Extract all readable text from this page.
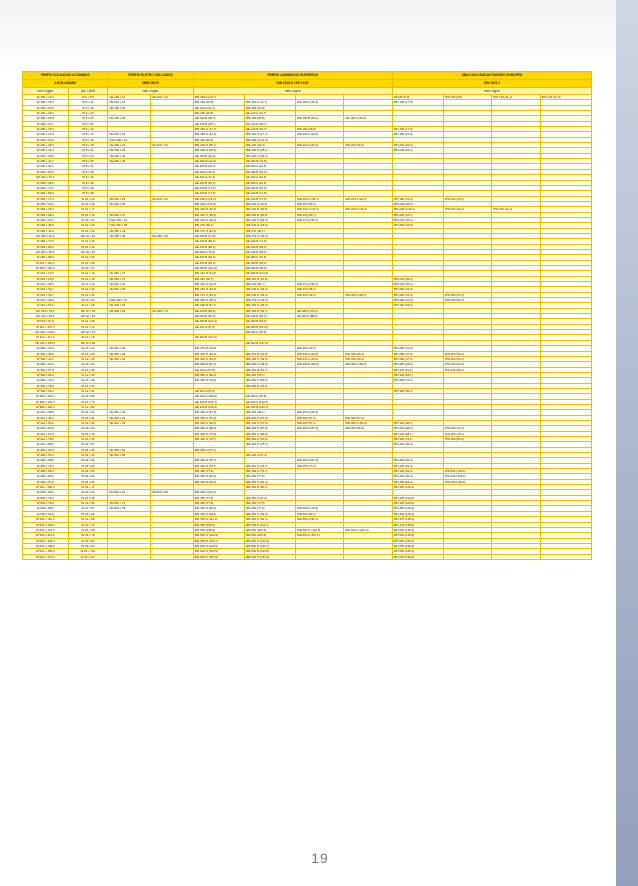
PERFIS SOLDADOS ACOMINAS		PERFIS ELETRO SOLDADOS		PERFIS LAMINADOS EUROPEUS				ABAS INCLINADAS PADRÃO EUROPEU			
ASTM A6/A6M		NBR 15279		DIN 1025-5 / EN 19-57				DIN 1025-1			
mm x kg/m	pol. x lb/ft	mm x kg/m		mm x kg/m				mm x kg/m			
W 150 x 13,0	W 6 x 8,5	CE 100 x 11	VE 150 x 13	IPE 160 A (12,7)				IPN 80 (5,9)	IPN 100 (8,3)	IPN 120 (11,1)	IPN 140 (14,3)
W 150 x 18,0	W 6 x 12	VE 150 x 18		IPE 160 (15,8)	IPE 160 A (12,7)	IPE 180 A (15,4)		IPN 160 (17,9)			
W 150 x 22,5	W 6 x 15	CE 150 x 20		HE 140 A (24,7)	IPE 160 (15,8)						
W 150 x 24,0	W 6 x 16			IPE 180 (18,8)	HE 140 A (24,7)						
W 150 x 29,8	W 6 x 20	CE 150 x 26		HE 140 B (33,7)	IPE 180 (18,8)	IPE 180 B (22,1)	HE 160 A (30,4)				
W 150 x 37,1	W 6 x 25			HE 140 B (33,7)	HE 140 B (33,7)						
W 200 x 15,0	W 8 x 10			IPE 160 O (17,7)	HE 140 B (33,7)	IPE 180 (18,8)		IPN 160 (17,9)			
W 200 x 19,3	W 8 x 13	VE 200 x 16		IPE 180 O (21,3)	IPE 160 O (17,7)	IPE 200 A (18,4)		IPN 180 (21,9)			
W 200 x 22,5	W 8 x 15	CVE 200 x 22		IPE 200 (22,4)	IPE 180 O (21,3)						
W 200 x 26,6	W 8 x 18	CE 200 x 22	VE 200 x 25	IPE 200 O (25,1)	IPE 200 (22,4)	IPE 220 A (22,2)	IPE 220 (26,2)	IPN 200 (26,2)			
W 200 x 31,3	W 8 x 21	CE 200 x 29		IPE 220 O (29,4)	IPE 200 O (25,1)			IPN 220 (31,1)			
W 200 x 35,9	W 8 x 24	CE 200 x 34		HE 160 B (42,6)	IPE 220 O (29,4)						
W 200 x 41,7	W 8 x 28	CE 200 x 39		HE 160 M (42,6)	HE 160 B (42,6)						
W 200 x 46,1	W 8 x 31			HE 180 B (51,2)	HE 200 A (42,3)						
W 200 x 52,0	W 8 x 35			HE 200 A (42,3)	HE 180 B (51,2)						
HP 200 x 53,0	W 8 x 36			HE 200 A (42,3)	HE 200 A (42,3)						
W 200 x 59,0	W 8 x 40			HE 200 B (61,3)	HE 200 A (42,3)						
W 200 x 71,0	W 8 x 48			HE 220 B (71,5)	HE 200 B (61,3)						
W 200 x 86,0	W 8 x 58			HE 220 B (71,5)	HE 220 B (71,5)						
W 250 x 17,9	W 10 x 12	VE 250 x 18	VE 200 x 25	IPE 200 A (18,4)	HE 220 B (71,5)	IPE 200 O (25,1)	IPE 220 A (22,2)	IPN 180 (21,9)	IPN 200 (26,2)		
W 250 x 22,3	W 10 x 15	VE 200 x 25		IPE 200 A (24,8)	IPE 200 A (18,4)	IPE 220 (26,2)		IPN 200 (26,2)			
W 250 x 25,3	W 10 x 17			IPE 200 R (26,6)	IPE 200 R (26,6)	IPE 220 O (29,4)	IPE 220 R (31,6)	IPE 240 A (26,2)	IPN 200 (26,2)	IPN 220 (31,1)	
W 250 x 28,4	W 10 x 19	VE 250 x 27		IPE 220 O (29,4)	IPE 200 R (26,6)	IPE 240 (30,7)		IPN 220 (31,1)			
W 250 x 32,7	W 10 x 22	CVE 250 x 31		IPE 240 O (34,3)	IPE 220 O (29,4)	IPE 270 A (30,7)		IPN 240 (36,2)			
W 250 x 38,5	W 10 x 26	CVE 250 x 38		IPE 270 (36,1)	IPE 240 O (34,3)			IPN 260 (41,9)			
W 250 x 44,8	W 10 x 30	CE 250 x 43		IPE 270 O (42,3)	IPE 270 (36,1)						
HP 250 x 62,0	HP 10 x 42	CE 250 x 49	CE 250 x 62	HE 220 B (71,5)	IPE 270 O (42,3)						
W 250 x 73,0	W 10 x 49			HE 240 B (83,2)	HE 220 B (71,5)						
W 250 x 80,0	W 10 x 54			HE 240 B (83,2)	HE 240 B (83,2)						
HP 250 x 85,0	HP 10 x 57			HE 280 A (76,4)	HE 240 B (83,2)						
W 250 x 89,0	W 10 x 60			HE 260 B (93,0)	HE 280 A (76,4)						
W 250 x 101,0	W 10 x 68			HE 260 B (93,0)	HE 260 B (93,0)						
W 250 x 115,0	W 10 x 77			HE 280 B (104,2)	HE 260 B (93,0)						
W 310 x 21,0	W 12 x 14	VE 250 x 27		IPE 220 R (31,6)	HE 280 B (104,2)						
W 310 x 23,8	W 12 x 16	VE 250 x 27		IPE 240 (30,7)	IPE 220 R (31,6)			IPN 240 (36,2)			
W 310 x 28,3	W 12 x 19	VE 300 x 26		IPE 240 O (34,3)	IPE 240 (30,7)	IPE 270 A (30,7)		IPN 240 (36,2)			
W 310 x 32,7	W 12 x 22	VE 300 x 33		IPE 240 O (34,3)	IPE 240 O (34,3)	IPE 270 (36,1)		IPN 260 (41,9)			
W 310 x 38,7	W 12 x 26			IPE 270 O (42,3)	IPE 240 O (34,3)	IPE 300 (42,2)	IPE 300 A (36,5)	IPN 260 (41,9)	IPN 280 (47,9)		
W 310 x 44,5	W 12 x 30	CVE 300 x 47		IPE 300 O (49,3)	IPE 270 O (42,3)			IPN 280 (47,9)	IPN 300 (54,2)		
W 310 x 52,0	W 12 x 35	CE 300 x 52		IPE 300 R (51,7)	IPE 300 O (49,3)			IPN 300 (54,2)			
HP 310 x 79,0	HP 12 x 53	CE 300 x 62	CE 300 x 76	HE 240 B (83,2)	IPE 300 R (51,7)	HE 280 A (76,4)					
HP 310 x 93,0	HP 12 x 63			HE 260 B (93,0)	HE 240 B (83,2)	HE 300 A (88,3)					
W 310 x 97,0	W 12 x 65			HE 280 B (104,2)	HE 260 B (93,0)						
W 310 x 107,0	W 12 x 72			HE 220 A (97,6)	HE 280 B (104,2)						
HP 310 x 110,0	HP 12 x 74				HE 320 A (97,6)						
W 310 x 117,0	W 12 x 79			HE 300 B (117,0)							
HP 310 x 125,0	HP 12 x 84				HE 300 B (117,0)						
W 360 x 32,9	W 14 x 22	VE 300 x 33		IPE 270 R (44,0)		IPE 300 (42,2)		IPN 280 (47,9)			
W 360 x 39,0	W 14 x 26	VE 350 x 35		IPE 300 O (49,3)	IPE 270 R (44,0)	IPE 330 A (43,0)	IPE 330 (49,1)	IPN 280 (47,9)	IPN 300 (54,2)		
W 360 x 44,0	W 14 x 30	VE 350 x 43		IPE 300 O (49,3)	IPE 300 O (49,3)	IPE 330 A (43,0)	IPE 330 (49,1)	IPN 280 (47,9)	IPN 300 (54,2)		
W 360 x 51,0	W 14 x 34			IPE 300 R (51,7)	IPE 300 O (49,3)	IPE 330 R (60,3)	IPE 360 A (50,2)	IPN 300 (54,2)	IPN 320 (61,0)		
W 360 x 57,8	W 14 x 38			HE 260 A (57,8)	IPE 300 R (51,7)			IPN 320 (61,0)	IPN 340 (68,1)		
W 360 x 64,0	W 14 x 43			IPE 360 O (66,0)	IPE 360 (57,1)			IPN 340 (68,1)			
W 360 x 72,0	W 14 x 48			IPE 360 R (70,3)	IPE 360 O (66,0)			IPN 360 (76,1)			
W 360 x 79,0	W 14 x 53				IPE 360 R (70,3)						
W 360 x 91,0	W 14 x 61			HE 320 A (97,6)				IPN 380 (84,0)			
W 360 x 101,0	W 14 x 68			HE 340 A (104,8)	HE 320 A (97,6)						
W 360 x 110,0	W 14 x 74			HE 320 B (126,7)	HE 340 A (104,8)						
W 360 x 122,0	W 14 x 82			HE 340 B (134,2)	HE 320 B (126,7)						
W 410 x 38,8	W 16 x 26	VE 350 x 43		IPE 330 O (57,0)	IPE 330 (49,1)	IPE 360 A (50,2)					
W 410 x 46,1	W 16 x 31	VE 400 x 44		IPE 330 O (57,0)	IPE 330 O (57,0)	IPE 360 (57,1)	IPE 360 (57,1)				
W 410 x 53,0	W 16 x 36	VE 400 x 49		IPE 360 O (66,0)	IPE 330 O (57,0)	IPE 360 (57,1)	IPE 360 O (66,0)	IPN 340 (68,1)			
W 410 x 60,0	W 16 x 40			IPE 360 O (66,0)	IPE 330 O (57,0)	IPE 400 A (57,4)	IPE 400 (66,3)	IPN 340 (68,1)	IPN 360 (76,1)		
W 410 x 67,0	W 16 x 45			IPE 360 R (70,3)	IPE 360 O (66,0)			IPN 340 (68,1)	IPN 360 (76,1)		
W 410 x 75,0	W 16 x 50			IPE 400 O (75,7)	IPE 360 R (70,3)			IPN 360 (76,1)	IPN 380 (84,0)		
W 410 x 85,0	W 16 x 57				IPE 400 O (75,7)			IPN 400 (92,4)			
W 460 x 52,0	W 18 x 35	VE 450 x 51		IPE 400 A (57,4)							
W 460 x 60,0	W 18 x 40	VE 450 x 59			IPE 400 A (57,4)						
W 460 x 68,0	W 18 x 46			IPE 400 O (75,7)		IPE 450 A (67,2)		IPN 400 (92,4)			
W 460 x 74,0	W 18 x 50			IPE 400 O (75,7)	IPE 400 O (75,7)	IPE 450 (77,6)		IPN 400 (92,4)			
W 460 x 82,0	W 18 x 55			IPE 450 (77,6)	IPE 400 O (75,7)			IPN 400 (92,4)	IPN 425 (103,6)		
W 460 x 89,0	W 18 x 60			IPE 450 O (92,4)	IPE 450 (77,6)			IPN 400 (92,4)	IPN 425 (103,6)		
W 460 x 97,0	W 18 x 65			IPE 450 R (95,2)	IPE 450 O (92,4)			IPN 400 (92,4)	IPN 425 (103,6)		
W 460 x 106,0	W 18 x 71				IPE 450 R (95,2)			IPN 450 (115,4)			
W 530 x 66,0	W 21 x 44	VE 500 x 61	VE 500 x 68	IPE 450 A (67,2)							
W 530 x 72,0	W 21 x 48			IPE 450 (77,6)	IPE 450 A (67,2)			IPN 425 (103,6)			
W 530 x 74,0	W 21 x 50	VE 500 x 73		IPE 450 (77,6)	IPE 450 (77,6)			IPN 425 (103,6)			
W 530 x 85,0	W 21 x 57	VE 500 x 79		IPE 450 O (92,4)	IPE 450 (77,6)	IPE 500 A (79,4)		IPN 450 (115,4)			
W 530 x 92,0	W 21 x 62			IPE 450 O (92,4)	IPE 450 O (92,4)	IPE 500 (90,7)		IPN 450 (115,4)			
W 530 x 101,0	W 21 x 68			IPE 500 R (111,4)	IPE 450 O (92,4)	IPE 550 A (92,1)		IPN 475 (128,0)			
W 530 x 109,0	W 21 x 73			IPE 550 (105,5)	IPE 500 R (111,4)			IPN 475 (128,0)			
W 610 x 101,0	W 24 x 68			IPE 550 (105,5)	IPE 550 (105,5)	IPE 550 O (122,5)	IPE 600 O (107,2)	IPN 500 (140,5)			
W 610 x 113,0	W 24 x 76			IPE 550 O (122,5)	IPE 550 (105,5)	IPE 600 A (107,6)		IPN 500 (140,5)			
W 610 x 125,0	W 24 x 84			IPE 550 R (133,7)	IPE 550 O (122,5)			IPN 550 (166,4)			
W 610 x 140,0	W 24 x 94			IPE 600 R (144,5)	IPE 550 R (133,7)			IPN 550 (166,4)			
W 610 x 155,0	W 24 x 104			IPE 600 O (154,5)	IPE 600 R (144,5)			IPN 550 (166,4)			
W 610 x 174,0	W 24 x 117			IPE 600 O (154,5)	IPE 600 O (154,5)			IPN 600 (199,4)			
19
